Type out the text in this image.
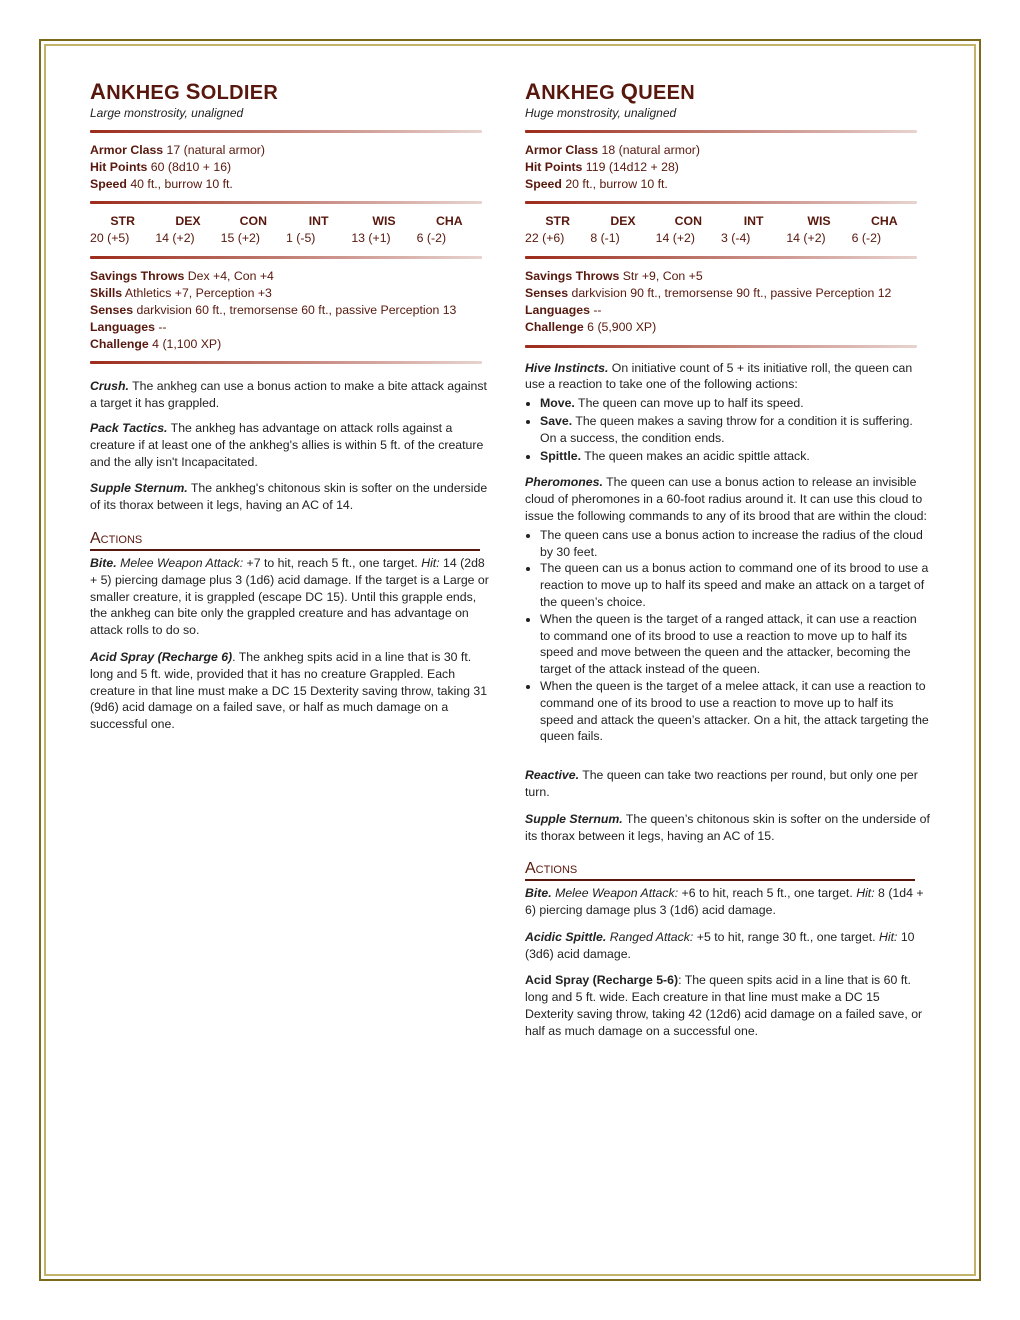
ANKHEG SOLDIER

Large monstrosity, unaligned

Armor Class 17 (natural armor)

Hit Points 60 (8d10 + 16)

Speed 40 ft., burrow 10 ft.

STR	DEX	CON	INT	WIS	CHA
20 (+5)	14 (+2)	15 (+2)	1 (-5)	13 (+1)	6 (-2)

Savings Throws Dex +4, Con +4

Skills Athletics +7, Perception +3

Senses darkvision 60 ft., tremorsense 60 ft., passive Perception 13

Languages --

Challenge 4 (1,100 XP)

Crush. The ankheg can use a bonus action to make a bite attack against a target it has grappled.

Pack Tactics. The ankheg has advantage on attack rolls against a creature if at least one of the ankheg's allies is within 5 ft. of the creature and the ally isn't Incapacitated.

Supple Sternum. The ankheg's chitonous skin is softer on the underside of its thorax between it legs, having an AC of 14.

Actions

Bite. Melee Weapon Attack: +7 to hit, reach 5 ft., one target. Hit: 14 (2d8 + 5) piercing damage plus 3 (1d6) acid damage. If the target is a Large or smaller creature, it is grappled (escape DC 15). Until this grapple ends, the ankheg can bite only the grappled creature and has advantage on attack rolls to do so.

Acid Spray (Recharge 6). The ankheg spits acid in a line that is 30 ft. long and 5 ft. wide, provided that it has no creature Grappled. Each creature in that line must make a DC 15 Dexterity saving throw, taking 31 (9d6) acid damage on a failed save, or half as much damage on a successful one.

ANKHEG QUEEN

Huge monstrosity, unaligned

Armor Class 18 (natural armor)

Hit Points 119 (14d12 + 28)

Speed 20 ft., burrow 10 ft.

STR	DEX	CON	INT	WIS	CHA
22 (+6)	8 (-1)	14 (+2)	3 (-4)	14 (+2)	6 (-2)

Savings Throws Str +9, Con +5

Senses darkvision 90 ft., tremorsense 90 ft., passive Perception 12

Languages --

Challenge 6 (5,900 XP)

Hive Instincts. On initiative count of 5 + its initiative roll, the queen can use a reaction to take one of the following actions:

• Move. The queen can move up to half its speed.
• Save. The queen makes a saving throw for a condition it is suffering. On a success, the condition ends.
• Spittle. The queen makes an acidic spittle attack.

Pheromones. The queen can use a bonus action to release an invisible cloud of pheromones in a 60-foot radius around it. It can use this cloud to issue the following commands to any of its brood that are within the cloud:

• The queen cans use a bonus action to increase the radius of the cloud by 30 feet.
• The queen can us a bonus action to command one of its brood to use a reaction to move up to half its speed and make an attack on a target of the queen’s choice.
• When the queen is the target of a ranged attack, it can use a reaction to command one of its brood to use a reaction to move up to half its speed and move between the queen and the attacker, becoming the target of the attack instead of the queen.
• When the queen is the target of a melee attack, it can use a reaction to command one of its brood to use a reaction to move up to half its speed and attack the queen’s attacker. On a hit, the attack targeting the queen fails.

Reactive. The queen can take two reactions per round, but only one per turn.

Supple Sternum. The queen’s chitonous skin is softer on the underside of its thorax between it legs, having an AC of 15.

Actions

Bite. Melee Weapon Attack: +6 to hit, reach 5 ft., one target. Hit: 8 (1d4 + 6) piercing damage plus 3 (1d6) acid damage.

Acidic Spittle. Ranged Attack: +5 to hit, range 30 ft., one target. Hit: 10 (3d6) acid damage.

Acid Spray (Recharge 5-6): The queen spits acid in a line that is 60 ft. long and 5 ft. wide. Each creature in that line must make a DC 15 Dexterity saving throw, taking 42 (12d6) acid damage on a failed save, or half as much damage on a successful one.
